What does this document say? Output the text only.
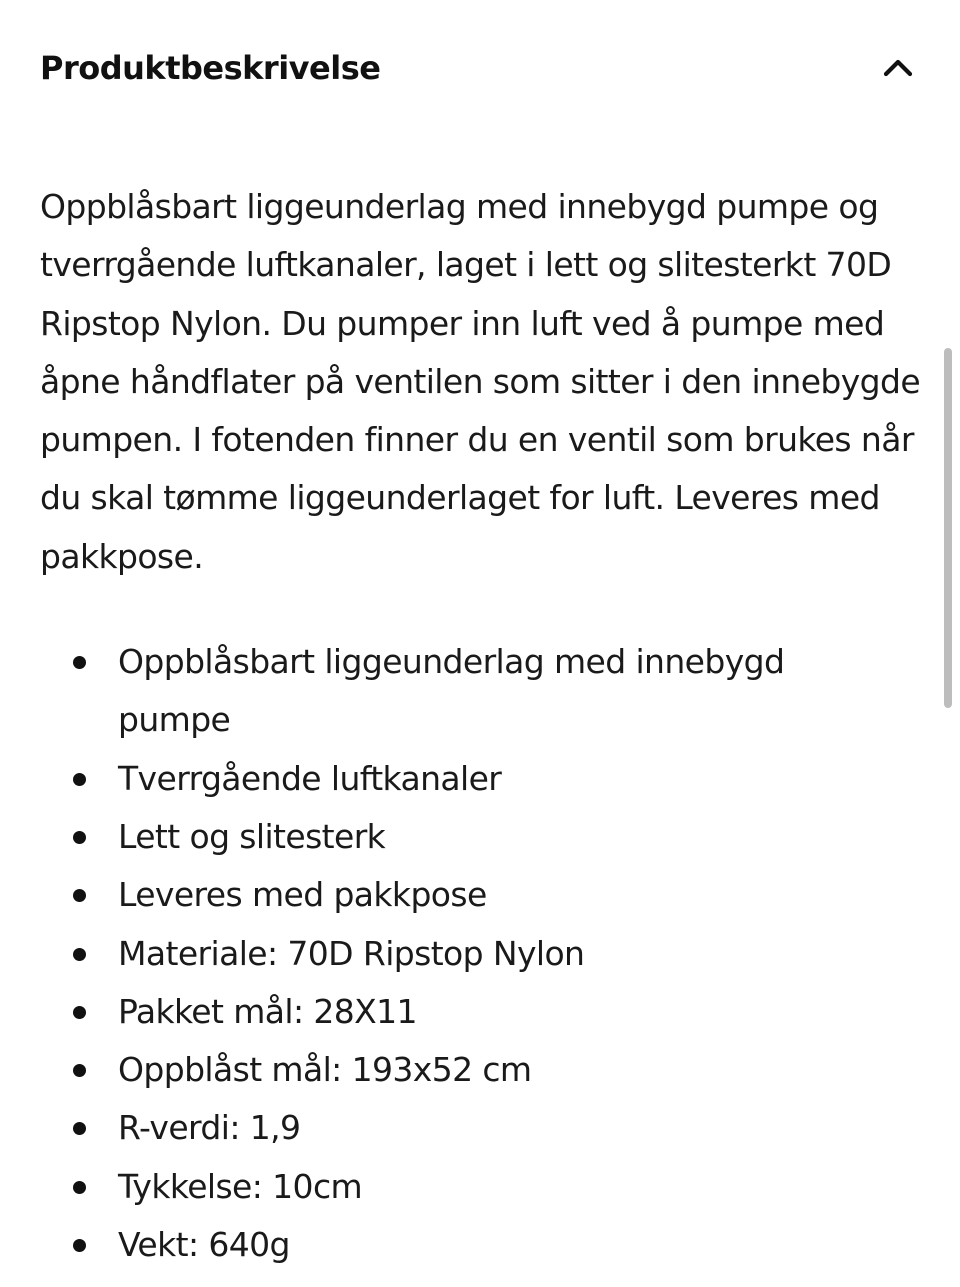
Produktbeskrivelse

Oppblåsbart liggeunderlag med innebygd pumpe og tverrgående luftkanaler, laget i lett og slitesterkt 70D Ripstop Nylon. Du pumper inn luft ved å pumpe med åpne håndflater på ventilen som sitter i den innebygde pumpen. I fotenden finner du en ventil som brukes når du skal tømme liggeunderlaget for luft. Leveres med pakkpose.

Oppblåsbart liggeunderlag med innebygd pumpe
Tverrgående luftkanaler
Lett og slitesterk
Leveres med pakkpose
Materiale: 70D Ripstop Nylon
Pakket mål: 28X11
Oppblåst mål: 193x52 cm
R-verdi: 1,9
Tykkelse: 10cm
Vekt: 640g
